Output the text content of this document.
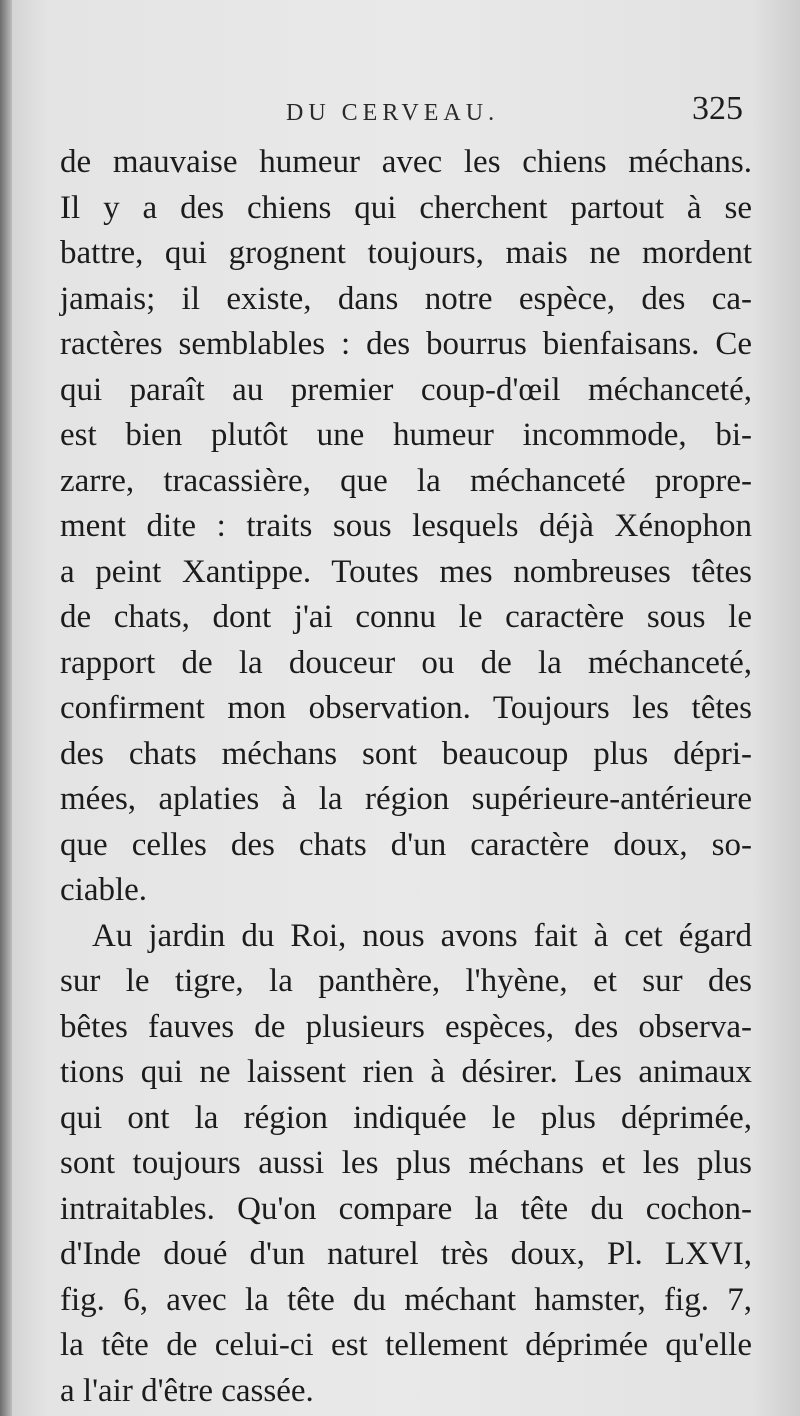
DU CERVEAU.	325
de mauvaise humeur avec les chiens méchans.
Il y a des chiens qui cherchent partout à se
battre, qui grognent toujours, mais ne mordent
jamais; il existe, dans notre espèce, des ca-
ractères semblables : des bourrus bienfaisans. Ce
qui paraît au premier coup-d'œil méchanceté,
est bien plutôt une humeur incommode, bi-
zarre, tracassière, que la méchanceté propre-
ment dite : traits sous lesquels déjà Xénophon
a peint Xantippe. Toutes mes nombreuses têtes
de chats, dont j'ai connu le caractère sous le
rapport de la douceur ou de la méchanceté,
confirment mon observation. Toujours les têtes
des chats méchans sont beaucoup plus dépri-
mées, aplaties à la région supérieure-antérieure
que celles des chats d'un caractère doux, so-
ciable.
Au jardin du Roi, nous avons fait à cet égard
sur le tigre, la panthère, l'hyène, et sur des
bêtes fauves de plusieurs espèces, des observa-
tions qui ne laissent rien à désirer. Les animaux
qui ont la région indiquée le plus déprimée,
sont toujours aussi les plus méchans et les plus
intraitables. Qu'on compare la tête du cochon-
d'Inde doué d'un naturel très doux, Pl. LXVI,
fig. 6, avec la tête du méchant hamster, fig. 7,
la tête de celui-ci est tellement déprimée qu'elle
a l'air d'être cassée.
